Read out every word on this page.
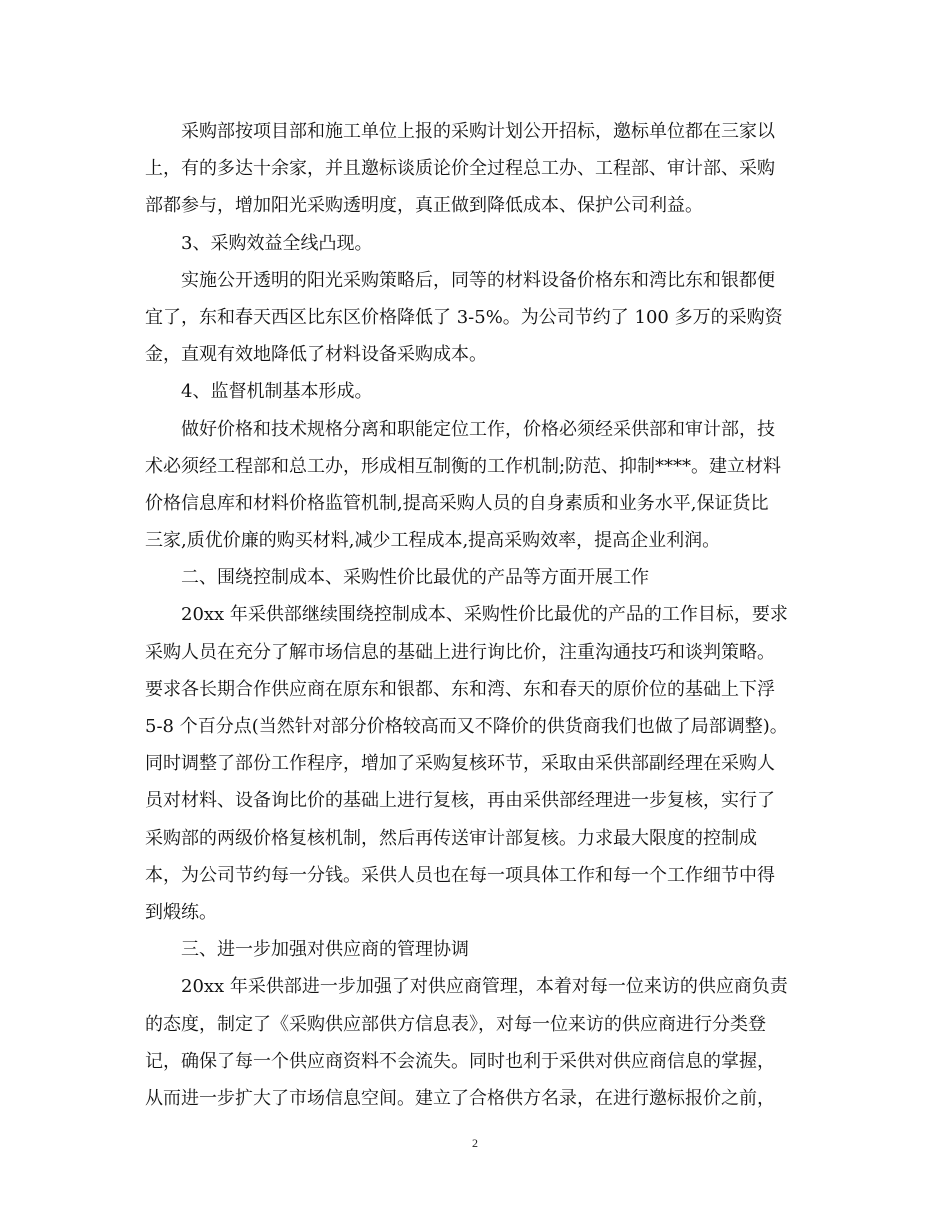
采购部按项目部和施工单位上报的采购计划公开招标，邀标单位都在三家以
上，有的多达十余家，并且邀标谈质论价全过程总工办、工程部、审计部、采购
部都参与，增加阳光采购透明度，真正做到降低成本、保护公司利益。
3、采购效益全线凸现。
实施公开透明的阳光采购策略后，同等的材料设备价格东和湾比东和银都便
宜了，东和春天西区比东区价格降低了 3-5%。为公司节约了 100 多万的采购资
金，直观有效地降低了材料设备采购成本。
4、监督机制基本形成。
做好价格和技术规格分离和职能定位工作，价格必须经采供部和审计部，技
术必须经工程部和总工办，形成相互制衡的工作机制;防范、抑制****。建立材料
价格信息库和材料价格监管机制,提高采购人员的自身素质和业务水平,保证货比
三家,质优价廉的购买材料,减少工程成本,提高采购效率，提高企业利润。
二、围绕控制成本、采购性价比最优的产品等方面开展工作
20xx 年采供部继续围绕控制成本、采购性价比最优的产品的工作目标，要求
采购人员在充分了解市场信息的基础上进行询比价，注重沟通技巧和谈判策略。
要求各长期合作供应商在原东和银都、东和湾、东和春天的原价位的基础上下浮
5-8 个百分点(当然针对部分价格较高而又不降价的供货商我们也做了局部调整)。
同时调整了部份工作程序，增加了采购复核环节，采取由采供部副经理在采购人
员对材料、设备询比价的基础上进行复核，再由采供部经理进一步复核，实行了
采购部的两级价格复核机制，然后再传送审计部复核。力求最大限度的控制成
本，为公司节约每一分钱。采供人员也在每一项具体工作和每一个工作细节中得
到煅练。
三、进一步加强对供应商的管理协调
20xx 年采供部进一步加强了对供应商管理，本着对每一位来访的供应商负责
的态度，制定了《采购供应部供方信息表》，对每一位来访的供应商进行分类登
记，确保了每一个供应商资料不会流失。同时也利于采供对供应商信息的掌握，
从而进一步扩大了市场信息空间。建立了合格供方名录，在进行邀标报价之前，
2
